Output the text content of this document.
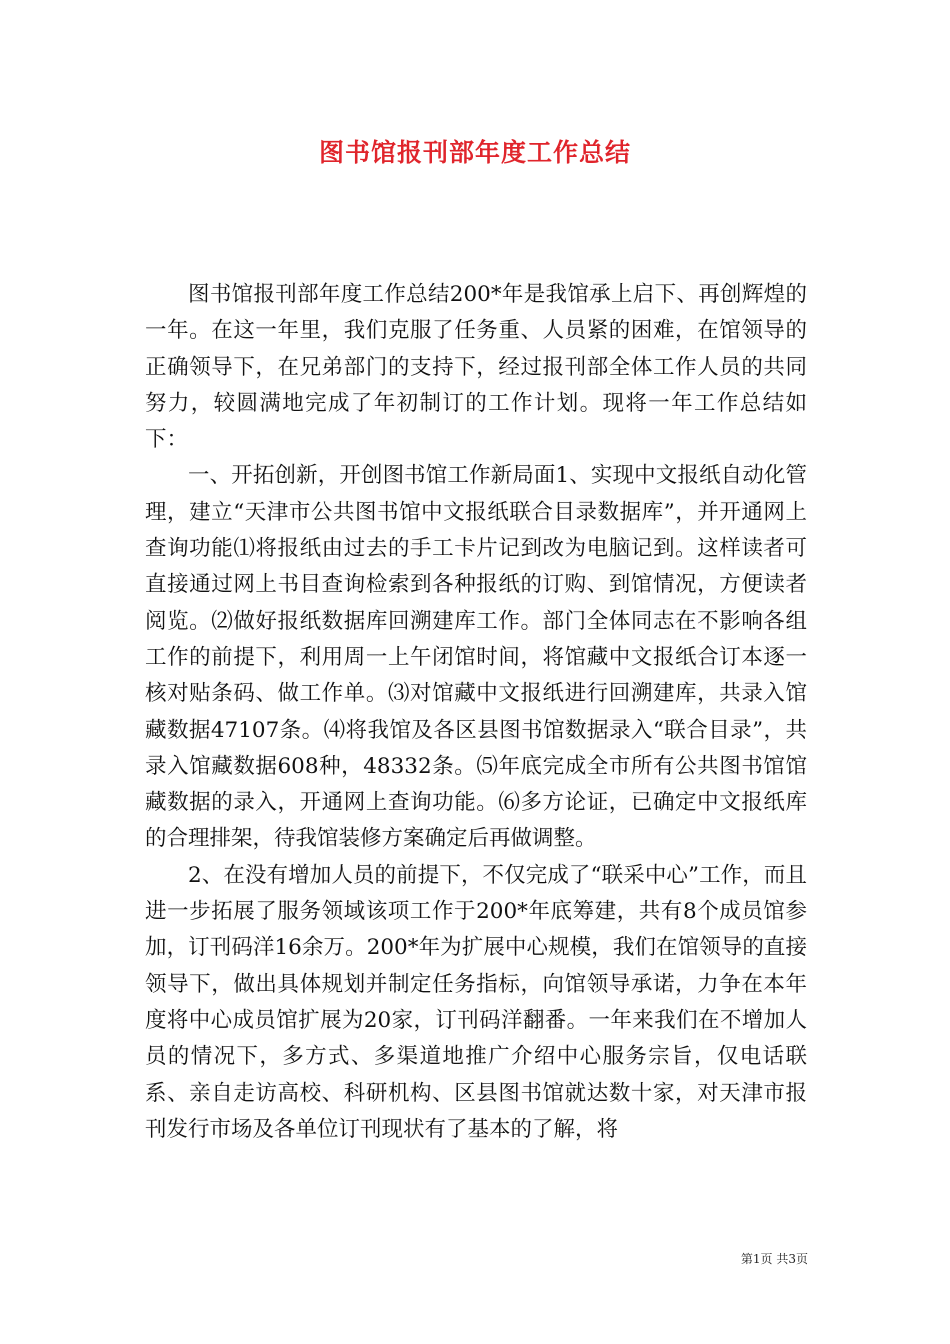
图书馆报刊部年度工作总结

图书馆报刊部年度工作总结200*年是我馆承上启下、再创辉煌的一年。在这一年里，我们克服了任务重、人员紧的困难，在馆领导的正确领导下，在兄弟部门的支持下，经过报刊部全体工作人员的共同努力，较圆满地完成了年初制订的工作计划。现将一年工作总结如下：

一、开拓创新，开创图书馆工作新局面1、实现中文报纸自动化管理，建立“天津市公共图书馆中文报纸联合目录数据库”，并开通网上查询功能⑴将报纸由过去的手工卡片记到改为电脑记到。这样读者可直接通过网上书目查询检索到各种报纸的订购、到馆情况，方便读者阅览。⑵做好报纸数据库回溯建库工作。部门全体同志在不影响各组工作的前提下，利用周一上午闭馆时间，将馆藏中文报纸合订本逐一核对贴条码、做工作单。⑶对馆藏中文报纸进行回溯建库，共录入馆藏数据47107条。⑷将我馆及各区县图书馆数据录入“联合目录”，共录入馆藏数据608种，48332条。⑸年底完成全市所有公共图书馆馆藏数据的录入，开通网上查询功能。⑹多方论证，已确定中文报纸库的合理排架，待我馆装修方案确定后再做调整。

2、在没有增加人员的前提下，不仅完成了“联采中心”工作，而且进一步拓展了服务领域该项工作于200*年底筹建，共有8个成员馆参加，订刊码洋16余万。200*年为扩展中心规模，我们在馆领导的直接领导下，做出具体规划并制定任务指标，向馆领导承诺，力争在本年度将中心成员馆扩展为20家，订刊码洋翻番。一年来我们在不增加人员的情况下，多方式、多渠道地推广介绍中心服务宗旨，仅电话联系、亲自走访高校、科研机构、区县图书馆就达数十家，对天津市报刊发行市场及各单位订刊现状有了基本的了解，将

第1页 共3页
